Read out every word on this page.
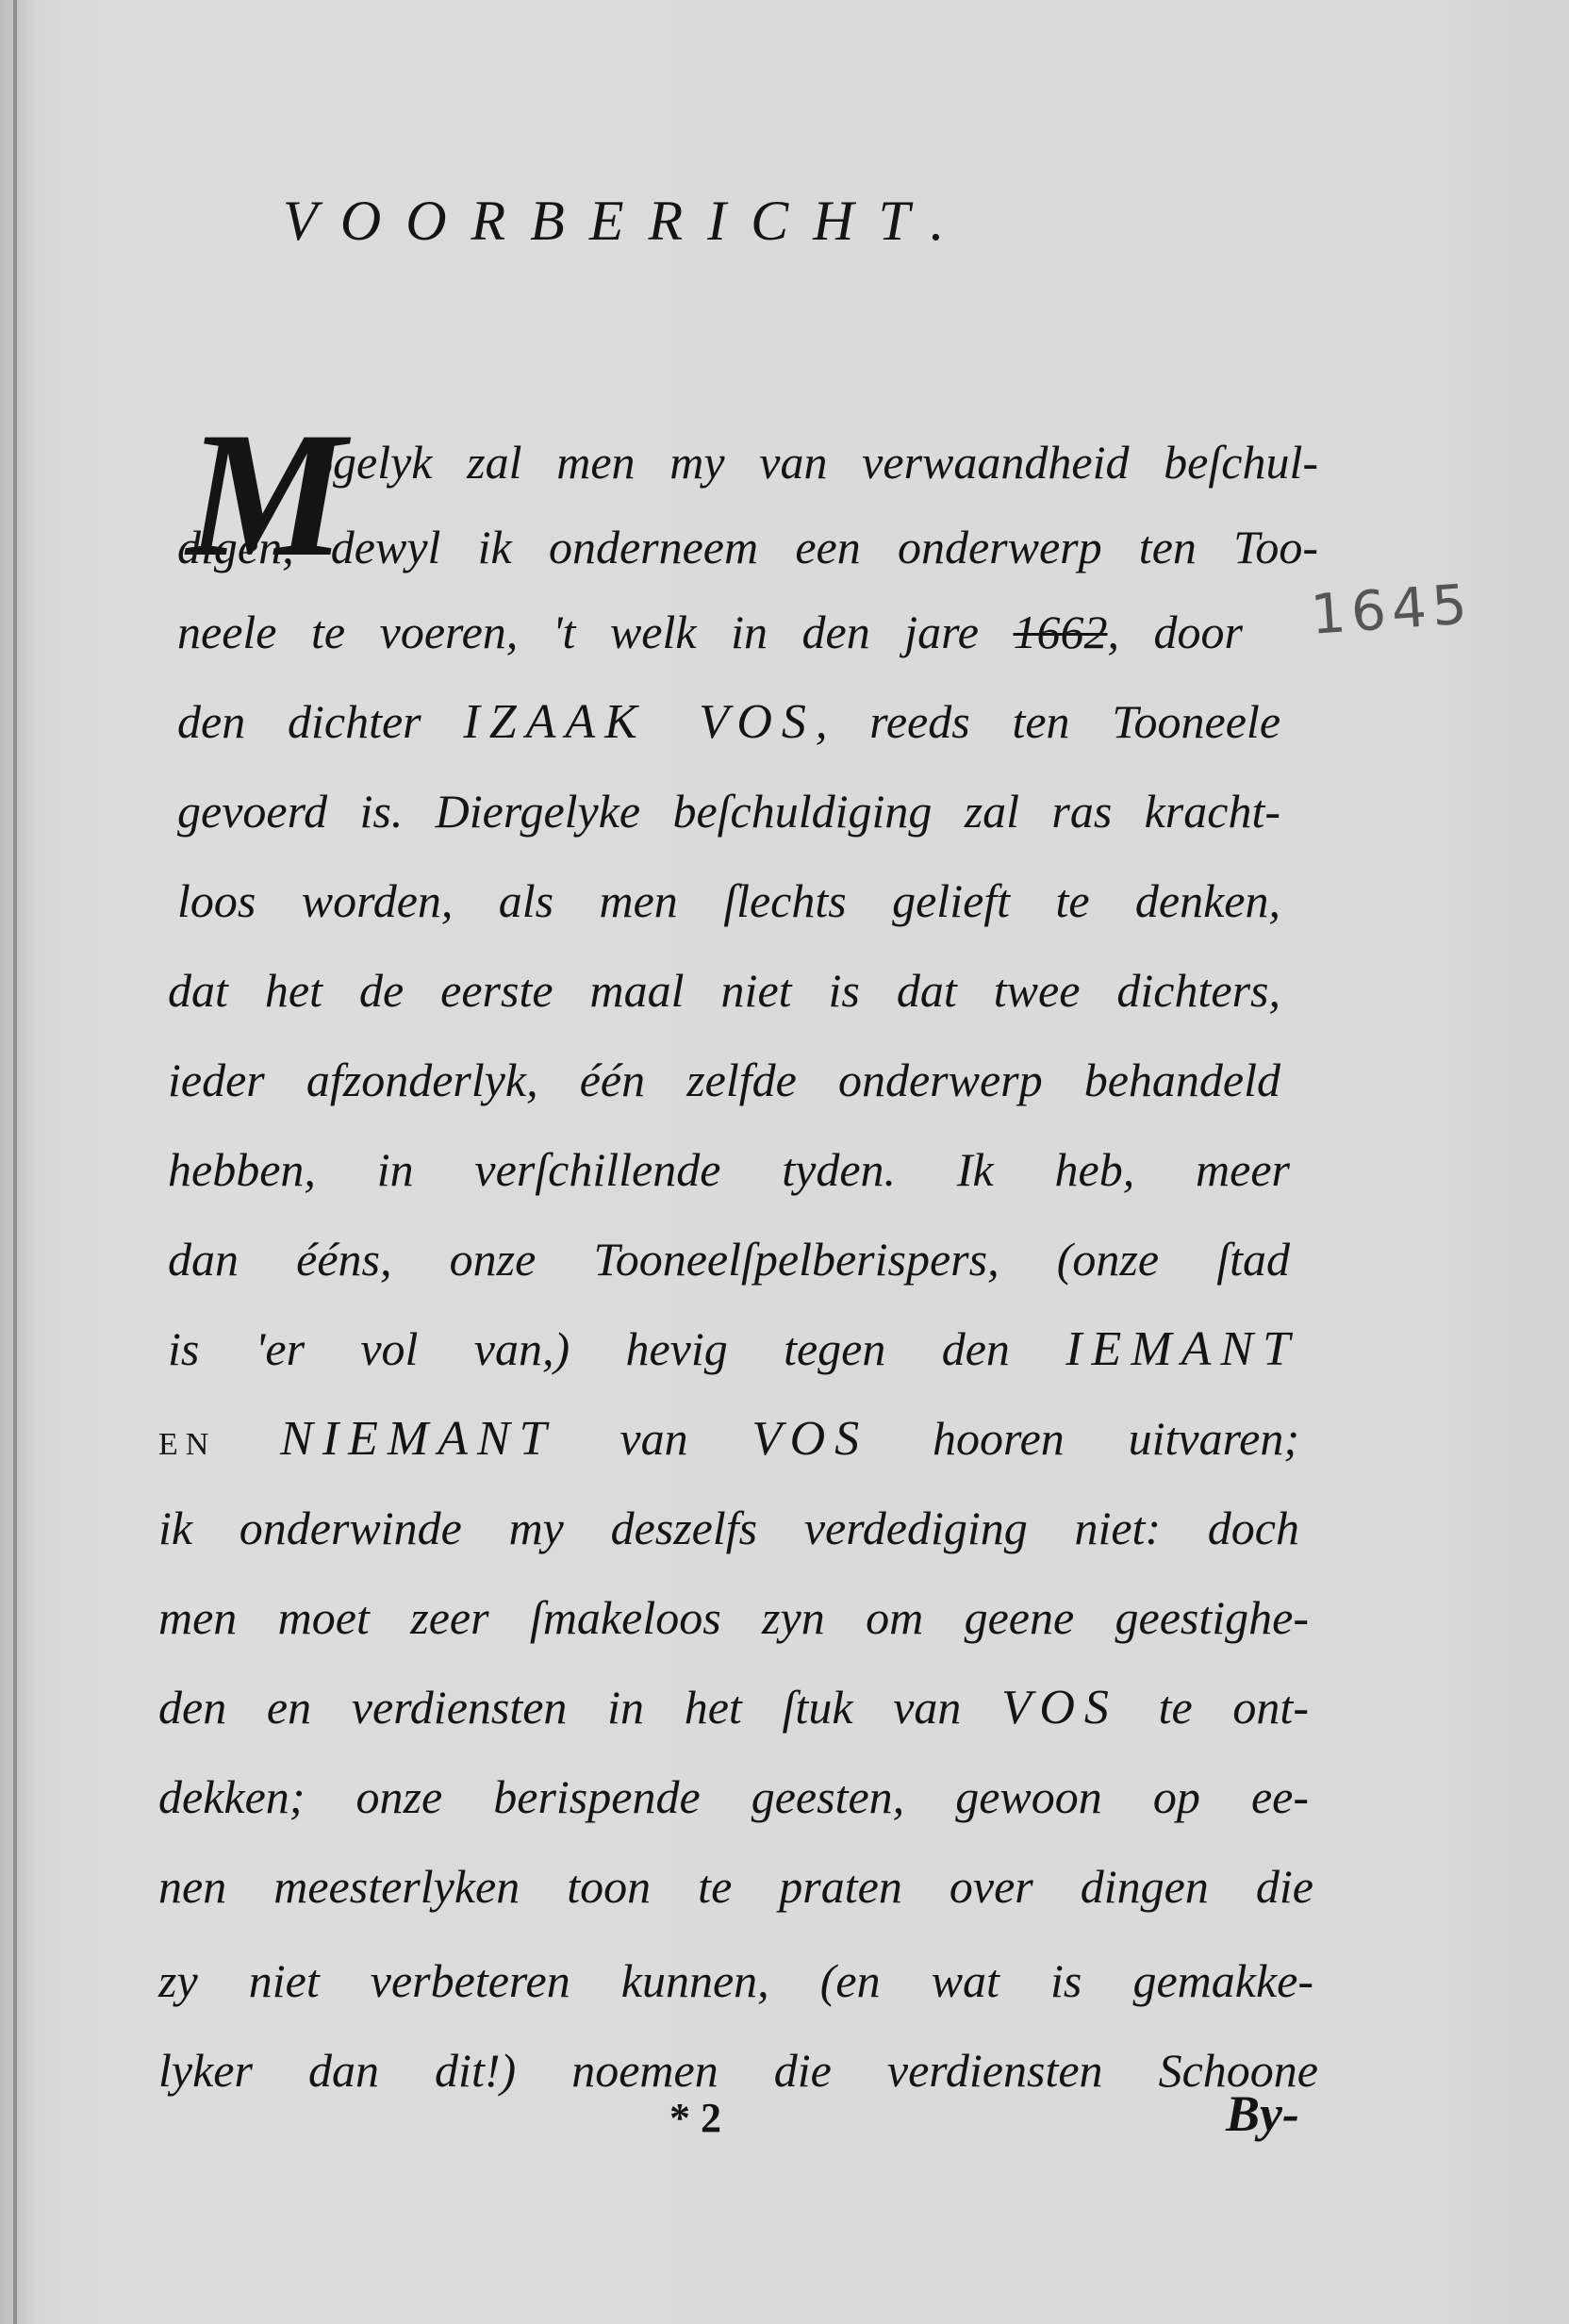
VOORBERICHT.
1645
M
ogelyk zal men my van verwaandheid beſchul-
digen, dewyl ik onderneem een onderwerp ten Too-
neele te voeren, 't welk in den jare 1662, door
den dichter IZAAK VOS, reeds ten Tooneele
gevoerd is. Diergelyke beſchuldiging zal ras kracht-
loos worden, als men ſlechts gelieft te denken,
dat het de eerste maal niet is dat twee dichters,
ieder afzonderlyk, één zelfde onderwerp behandeld
hebben, in verſchillende tyden. Ik heb, meer
dan ééns, onze Tooneelſpelberispers, (onze ſtad
is 'er vol van,) hevig tegen den IEMANT
EN NIEMANT van VOS hooren uitvaren;
ik onderwinde my deszelfs verdediging niet: doch
men moet zeer ſmakeloos zyn om geene geestighe-
den en verdiensten in het ſtuk van VOS te ont-
dekken; onze berispende geesten, gewoon op ee-
nen meesterlyken toon te praten over dingen die
zy niet verbeteren kunnen, (en wat is gemakke-
lyker dan dit!) noemen die verdiensten Schoone
* 2	By-
